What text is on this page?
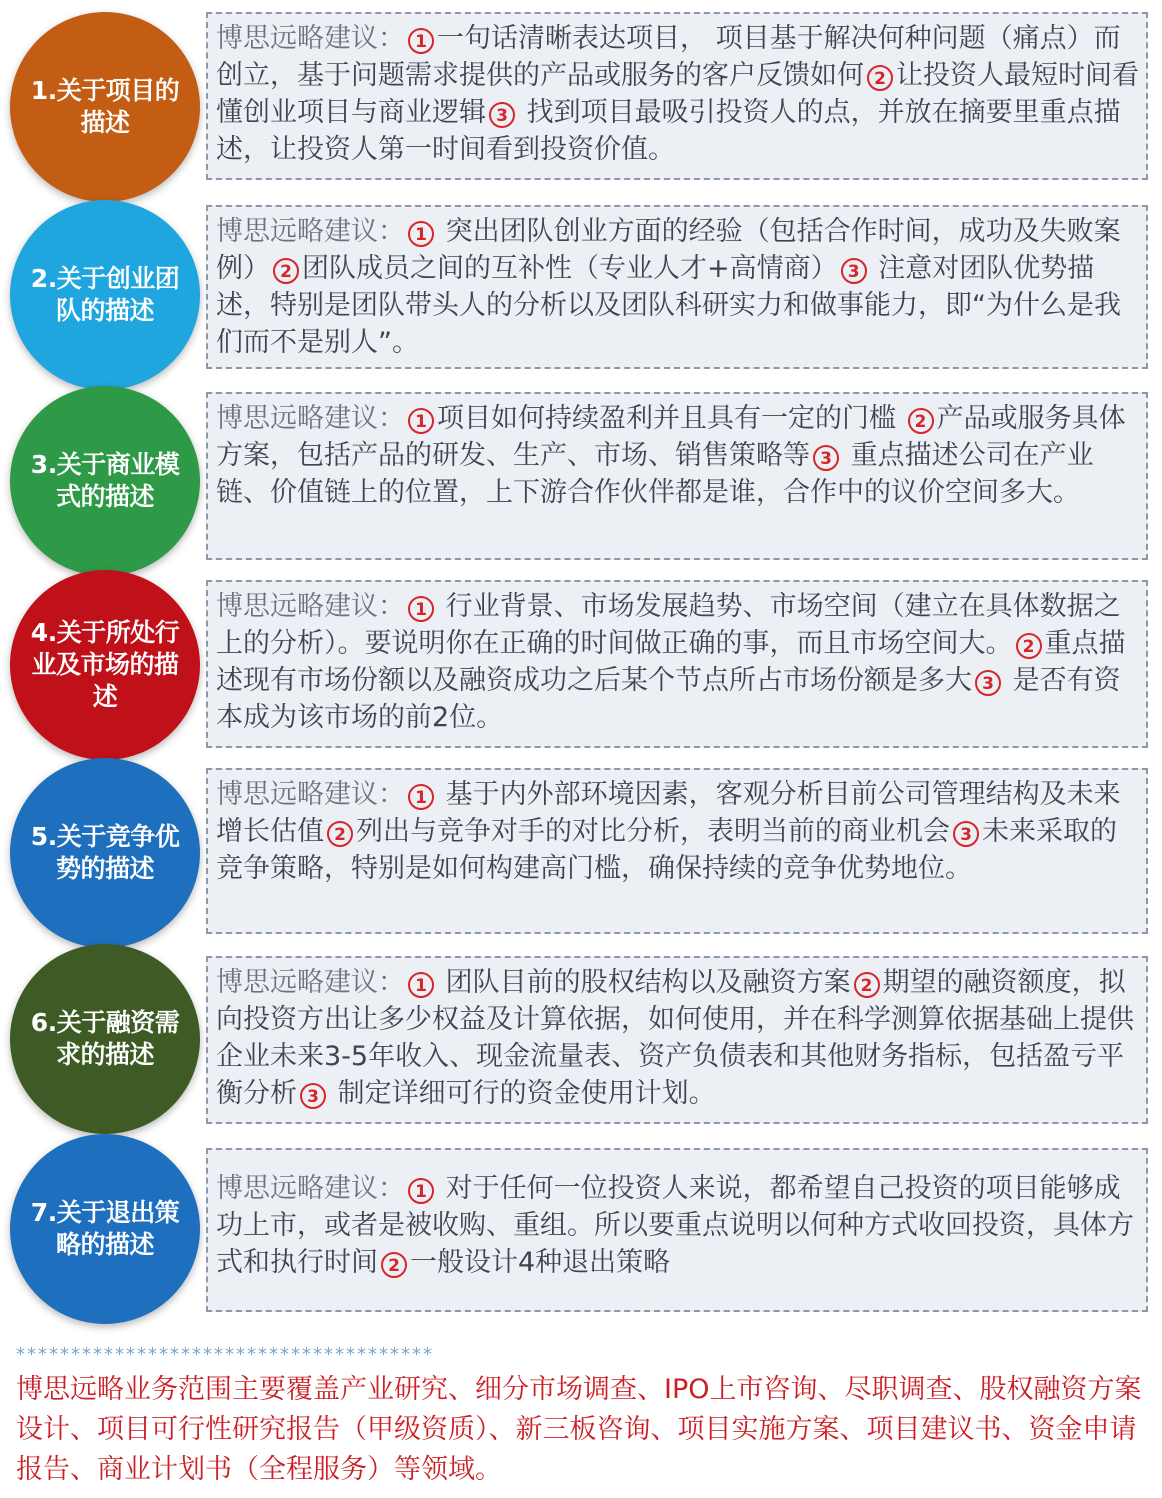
1.关于项目的描述

博思远略建议： 1 一句话清晰表达项目， 项目基于解决何种问题（痛点）而创立，基于问题需求提供的产品或服务的客户反馈如何 2 让投资人最短时间看懂创业项目与商业逻辑 3 找到项目最吸引投资人的点，并放在摘要里重点描述，让投资人第一时间看到投资价值。

2.关于创业团队的描述

博思远略建议： 1 突出团队创业方面的经验（包括合作时间，成功及失败案例） 2 团队成员之间的互补性（专业人才+高情商） 3 注意对团队优势描述，特别是团队带头人的分析以及团队科研实力和做事能力，即“为什么是我们而不是别人”。

3.关于商业模式的描述

博思远略建议： 1 项目如何持续盈利并且具有一定的门槛 2 产品或服务具体方案，包括产品的研发、生产、市场、销售策略等 3 重点描述公司在产业链、价值链上的位置，上下游合作伙伴都是谁，合作中的议价空间多大。

4.关于所处行业及市场的描述

博思远略建议： 1 行业背景、市场发展趋势、市场空间（建立在具体数据之上的分析）。要说明你在正确的时间做正确的事，而且市场空间大。 2 重点描述现有市场份额以及融资成功之后某个节点所占市场份额是多大 3 是否有资本成为该市场的前2位。

5.关于竞争优势的描述

博思远略建议： 1 基于内外部环境因素，客观分析目前公司管理结构及未来增长估值 2 列出与竞争对手的对比分析，表明当前的商业机会 3 未来采取的竞争策略，特别是如何构建高门槛，确保持续的竞争优势地位。

6.关于融资需求的描述

博思远略建议： 1 团队目前的股权结构以及融资方案 2 期望的融资额度，拟向投资方出让多少权益及计算依据，如何使用，并在科学测算依据基础上提供企业未来3-5年收入、现金流量表、资产负债表和其他财务指标，包括盈亏平衡分析 3 制定详细可行的资金使用计划。

7.关于退出策略的描述

博思远略建议： 1 对于任何一位投资人来说，都希望自己投资的项目能够成功上市，或者是被收购、重组。所以要重点说明以何种方式收回投资，具体方式和执行时间 2 一般设计4种退出策略

**************************************

博思远略业务范围主要覆盖产业研究、细分市场调查、IPO上市咨询、尽职调查、股权融资方案设计、项目可行性研究报告（甲级资质）、新三板咨询、项目实施方案、项目建议书、资金申请报告、商业计划书（全程服务）等领域。
